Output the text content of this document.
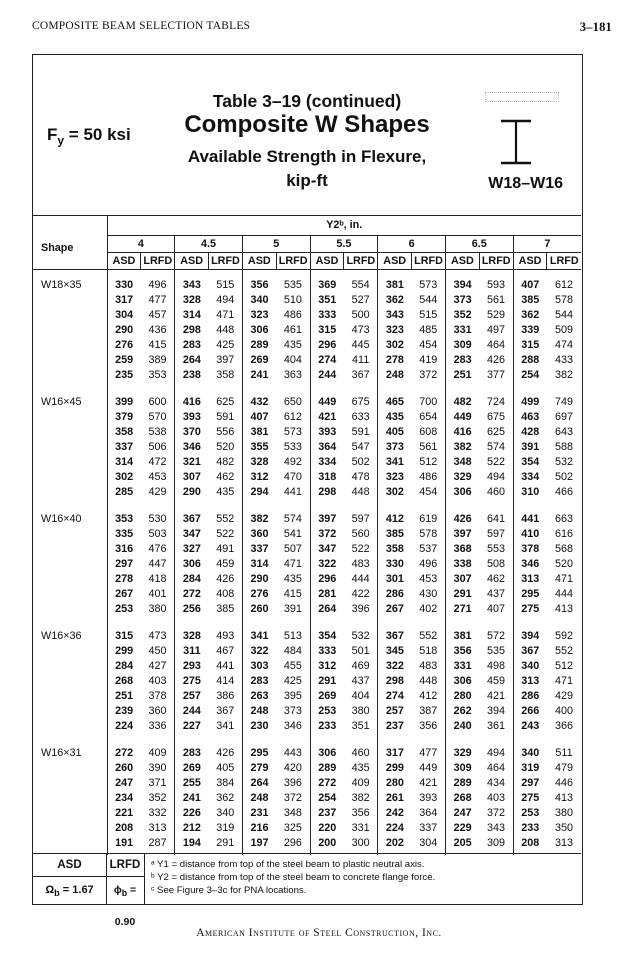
COMPOSITE BEAM SELECTION TABLES	3–181
$F_y = 50$ ksi
Table 3–19 (continued)
Composite W Shapes
Available Strength in Flexure,
kip-ft	W18–W16
Shape	Y2ᵇ, in.													
	4		4.5		5		5.5		6		6.5		7	
	ASD	LRFD	ASD	LRFD	ASD	LRFD	ASD	LRFD	ASD	LRFD	ASD	LRFD	ASD	LRFD
W18×35	330	496	343	515	356	535	369	554	381	573	394	593	407	612
	317	477	328	494	340	510	351	527	362	544	373	561	385	578
	304	457	314	471	323	486	333	500	343	515	352	529	362	544
	290	436	298	448	306	461	315	473	323	485	331	497	339	509
	276	415	283	425	289	435	296	445	302	454	309	464	315	474
	259	389	264	397	269	404	274	411	278	419	283	426	288	433
	235	353	238	358	241	363	244	367	248	372	251	377	254	382
W16×45	399	600	416	625	432	650	449	675	465	700	482	724	499	749
	379	570	393	591	407	612	421	633	435	654	449	675	463	697
	358	538	370	556	381	573	393	591	405	608	416	625	428	643
	337	506	346	520	355	533	364	547	373	561	382	574	391	588
	314	472	321	482	328	492	334	502	341	512	348	522	354	532
	302	453	307	462	312	470	318	478	323	486	329	494	334	502
	285	429	290	435	294	441	298	448	302	454	306	460	310	466
W16×40	353	530	367	552	382	574	397	597	412	619	426	641	441	663
	335	503	347	522	360	541	372	560	385	578	397	597	410	616
	316	476	327	491	337	507	347	522	358	537	368	553	378	568
	297	447	306	459	314	471	322	483	330	496	338	508	346	520
	278	418	284	426	290	435	296	444	301	453	307	462	313	471
	267	401	272	408	276	415	281	422	286	430	291	437	295	444
	253	380	256	385	260	391	264	396	267	402	271	407	275	413
W16×36	315	473	328	493	341	513	354	532	367	552	381	572	394	592
	299	450	311	467	322	484	333	501	345	518	356	535	367	552
	284	427	293	441	303	455	312	469	322	483	331	498	340	512
	268	403	275	414	283	425	291	437	298	448	306	459	313	471
	251	378	257	386	263	395	269	404	274	412	280	421	286	429
	239	360	244	367	248	373	253	380	257	387	262	394	266	400
	224	336	227	341	230	346	233	351	237	356	240	361	243	366
W16×31	272	409	283	426	295	443	306	460	317	477	329	494	340	511
	260	390	269	405	279	420	289	435	299	449	309	464	319	479
	247	371	255	384	264	396	272	409	280	421	289	434	297	446
	234	352	241	362	248	372	254	382	261	393	268	403	275	413
	221	332	226	340	231	348	237	356	242	364	247	372	253	380
	208	313	212	319	216	325	220	331	224	337	229	343	233	350
	191	287	194	291	197	296	200	300	202	304	205	309	208	313
ASD	LRFD
$\Omega_b = 1.67$	$\phi_b = 0.90$
ᵃ Y1 = distance from top of the steel beam to plastic neutral axis.
ᵇ Y2 = distance from top of the steel beam to concrete flange force.
ᶜ See Figure 3–3c for PNA locations.
American Institute of Steel Construction, Inc.
